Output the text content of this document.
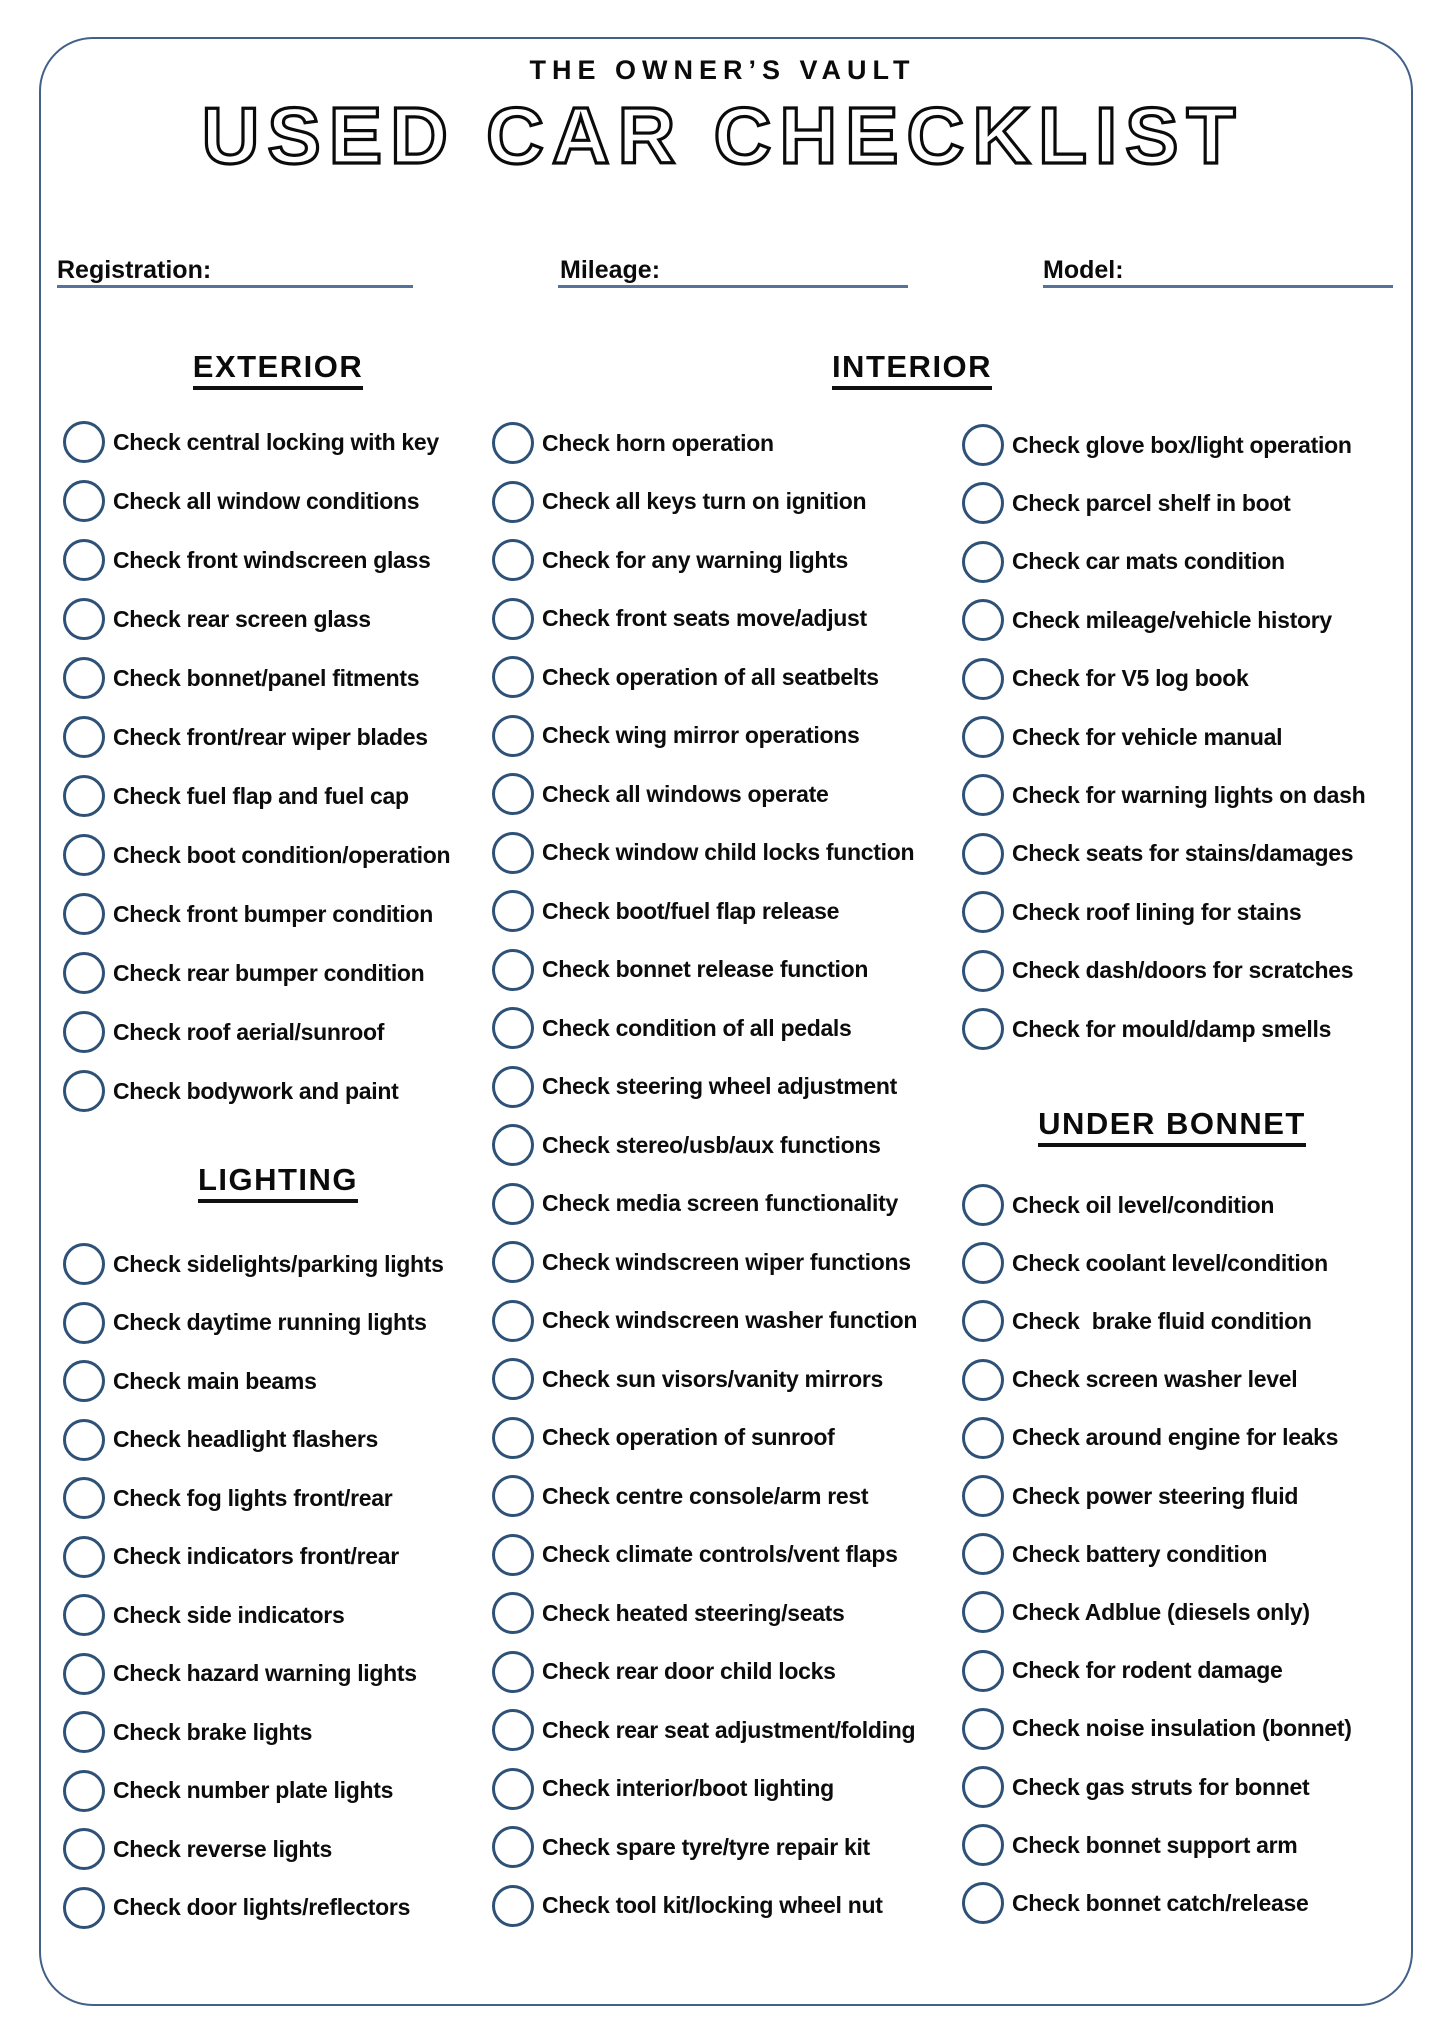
THE OWNER’S VAULT
USED CAR CHECKLIST
Registration:	Mileage:	Model:
EXTERIOR	INTERIOR
LIGHTING
UNDER BONNET
Check central locking with key
Check all window conditions
Check front windscreen glass
Check rear screen glass
Check bonnet/panel fitments
Check front/rear wiper blades
Check fuel flap and fuel cap
Check boot condition/operation
Check front bumper condition
Check rear bumper condition
Check roof aerial/sunroof
Check bodywork and paint
Check sidelights/parking lights
Check daytime running lights
Check main beams
Check headlight flashers
Check fog lights front/rear
Check indicators front/rear
Check side indicators
Check hazard warning lights
Check brake lights
Check number plate lights
Check reverse lights
Check door lights/reflectors
Check horn operation
Check all keys turn on ignition
Check for any warning lights
Check front seats move/adjust
Check operation of all seatbelts
Check wing mirror operations
Check all windows operate
Check window child locks function
Check boot/fuel flap release
Check bonnet release function
Check condition of all pedals
Check steering wheel adjustment
Check stereo/usb/aux functions
Check media screen functionality
Check windscreen wiper functions
Check windscreen washer function
Check sun visors/vanity mirrors
Check operation of sunroof
Check centre console/arm rest
Check climate controls/vent flaps
Check heated steering/seats
Check rear door child locks
Check rear seat adjustment/folding
Check interior/boot lighting
Check spare tyre/tyre repair kit
Check tool kit/locking wheel nut
Check glove box/light operation
Check parcel shelf in boot
Check car mats condition
Check mileage/vehicle history
Check for V5 log book
Check for vehicle manual
Check for warning lights on dash
Check seats for stains/damages
Check roof lining for stains
Check dash/doors for scratches
Check for mould/damp smells
Check oil level/condition
Check coolant level/condition
Check  brake fluid condition
Check screen washer level
Check around engine for leaks
Check power steering fluid
Check battery condition
Check Adblue (diesels only)
Check for rodent damage
Check noise insulation (bonnet)
Check gas struts for bonnet
Check bonnet support arm
Check bonnet catch/release
